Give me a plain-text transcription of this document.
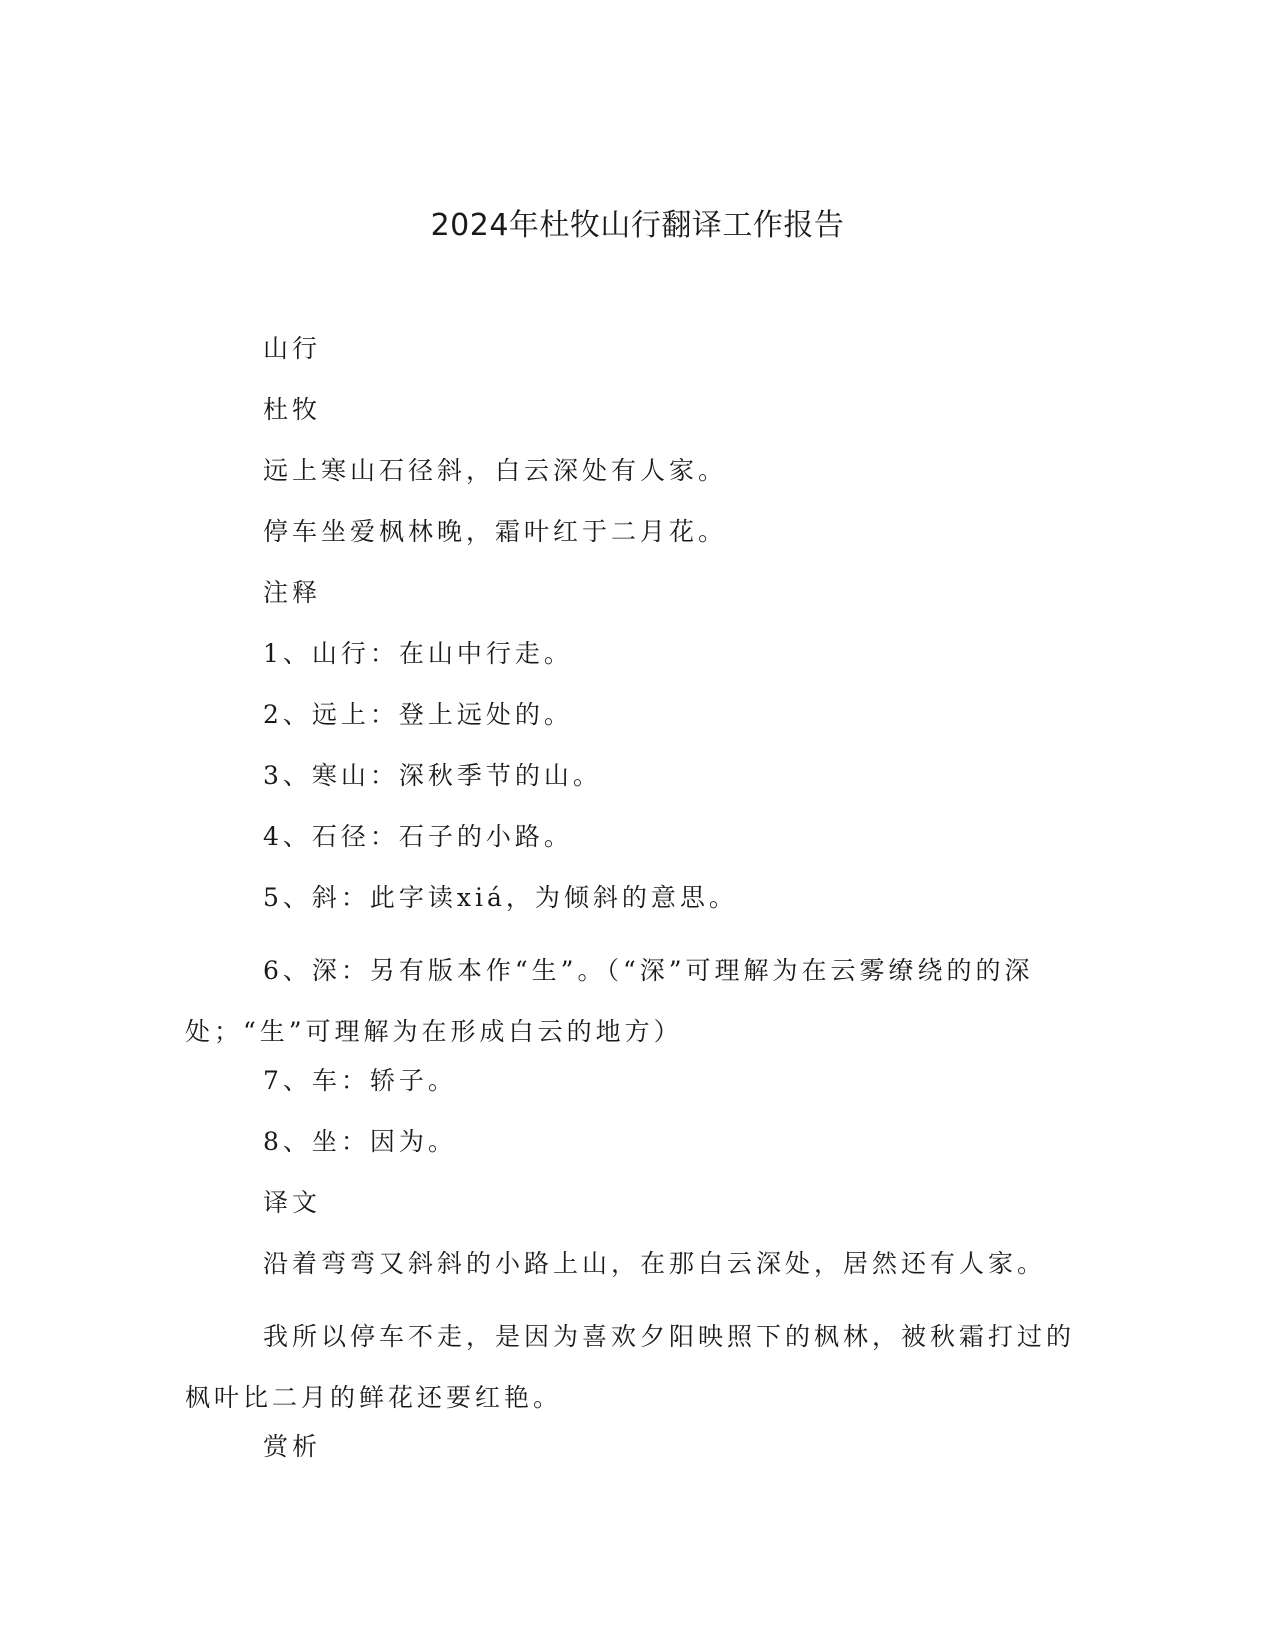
2024年杜牧山行翻译工作报告

山行

杜牧

远上寒山石径斜，白云深处有人家。

停车坐爱枫林晚，霜叶红于二月花。

注释

1、山行：在山中行走。

2、远上：登上远处的。

3、寒山：深秋季节的山。

4、石径：石子的小路。

5、斜：此字读xiá，为倾斜的意思。

6、深：另有版本作“生”。（“深”可理解为在云雾缭绕的的深处；“生”可理解为在形成白云的地方）

7、车：轿子。

8、坐：因为。

译文

沿着弯弯又斜斜的小路上山，在那白云深处，居然还有人家。

我所以停车不走，是因为喜欢夕阳映照下的枫林，被秋霜打过的枫叶比二月的鲜花还要红艳。

赏析
